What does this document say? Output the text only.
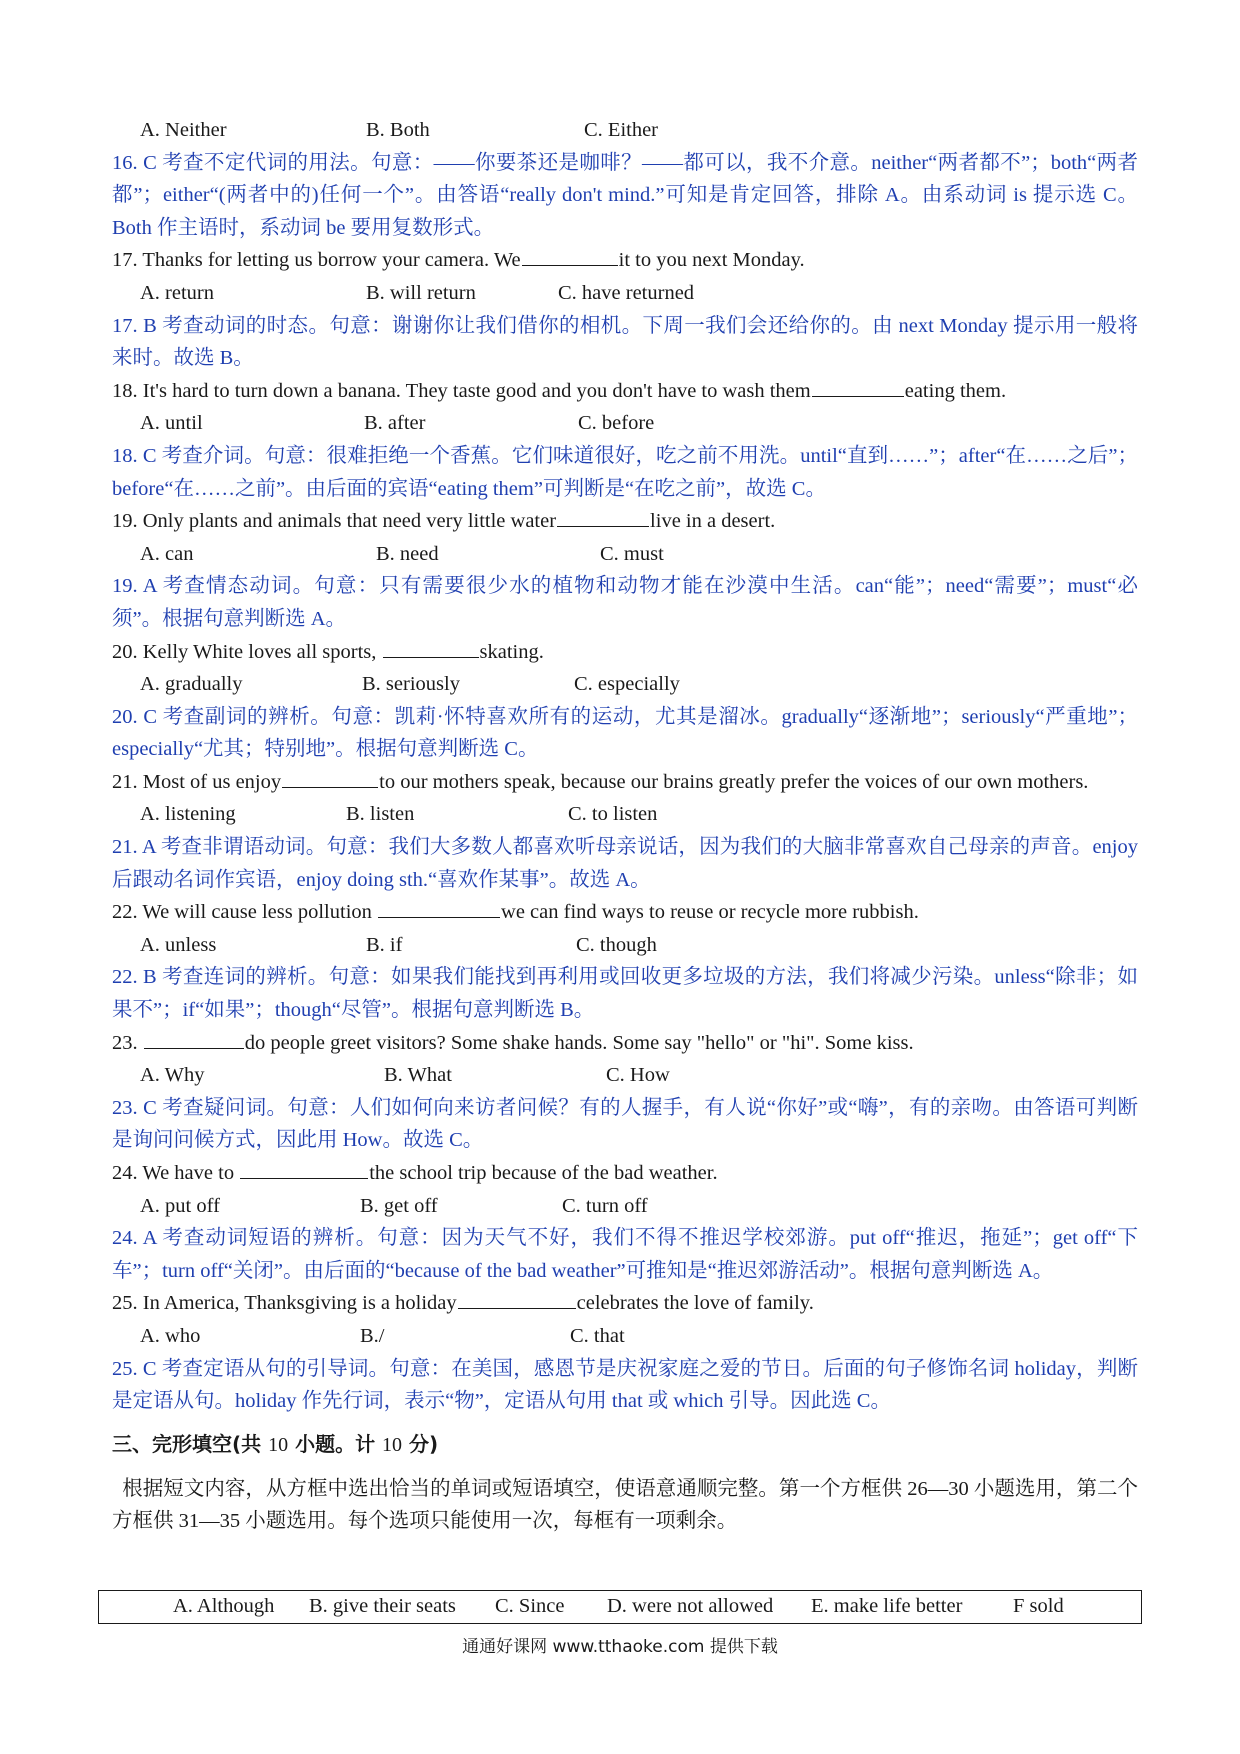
A. Neither	B. Both	C. Either
16. C 考查不定代词的用法。句意：——你要茶还是咖啡？——都可以，我不介意。neither“两者都不”；both“两者都”；either“(两者中的)任何一个”。由答语“really don't mind.”可知是肯定回答，排除 A。由系动词 is 提示选 C。Both 作主语时，系动词 be 要用复数形式。
17. Thanks for letting us borrow your camera. We	it to you next Monday.
A. return	B. will return	C. have returned
17. B 考查动词的时态。句意：谢谢你让我们借你的相机。下周一我们会还给你的。由 next Monday 提示用一般将来时。故选 B。
18. It's hard to turn down a banana. They taste good and you don't have to wash them	eating them.
A. until	B. after	C. before
18. C 考查介词。句意：很难拒绝一个香蕉。它们味道很好，吃之前不用洗。until“直到……”；after“在……之后”；before“在……之前”。由后面的宾语“eating them”可判断是“在吃之前”，故选 C。
19. Only plants and animals that need very little water	live in a desert.
A. can	B. need	C. must
19. A 考查情态动词。句意：只有需要很少水的植物和动物才能在沙漠中生活。can“能”；need“需要”；must“必须”。根据句意判断选 A。
20. Kelly White loves all sports,	skating.
A. gradually	B. seriously	C. especially
20. C 考查副词的辨析。句意：凯莉·怀特喜欢所有的运动，尤其是溜冰。gradually“逐渐地”；seriously“严重地”；especially“尤其；特别地”。根据句意判断选 C。
21. Most of us enjoy	to our mothers speak, because our brains greatly prefer the voices of our own mothers.
A. listening	B. listen	C. to listen
21. A 考查非谓语动词。句意：我们大多数人都喜欢听母亲说话，因为我们的大脑非常喜欢自己母亲的声音。enjoy 后跟动名词作宾语，enjoy doing sth.“喜欢作某事”。故选 A。
22. We will cause less pollution	we can find ways to reuse or recycle more rubbish.
A. unless	B. if	C. though
22. B 考查连词的辨析。句意：如果我们能找到再利用或回收更多垃圾的方法，我们将减少污染。unless“除非；如果不”；if“如果”；though“尽管”。根据句意判断选 B。
23.	do people greet visitors? Some shake hands. Some say "hello" or "hi". Some kiss.
A. Why	B. What	C. How
23. C 考查疑问词。句意：人们如何向来访者问候？有的人握手，有人说“你好”或“嗨”，有的亲吻。由答语可判断是询问问候方式，因此用 How。故选 C。
24. We have to	the school trip because of the bad weather.
A. put off	B. get off	C. turn off
24. A 考查动词短语的辨析。句意：因为天气不好，我们不得不推迟学校郊游。put off“推迟，拖延”；get off“下车”；turn off“关闭”。由后面的“because of the bad weather”可推知是“推迟郊游活动”。根据句意判断选 A。
25. In America, Thanksgiving is a holiday	celebrates the love of family.
A. who	B./	C. that
25. C 考查定语从句的引导词。句意：在美国，感恩节是庆祝家庭之爱的节日。后面的句子修饰名词 holiday，判断是定语从句。holiday 作先行词，表示“物”，定语从句用 that 或 which 引导。因此选 C。
三、完形填空(共 10 小题。计 10 分)
根据短文内容，从方框中选出恰当的单词或短语填空，使语意通顺完整。第一个方框供 26—30 小题选用，第二个方框供 31—35 小题选用。每个选项只能使用一次，每框有一项剩余。
A. Although B. give their seats C. Since D. were not allowed E. make life better F sold
通通好课网 www.tthaoke.com 提供下载
